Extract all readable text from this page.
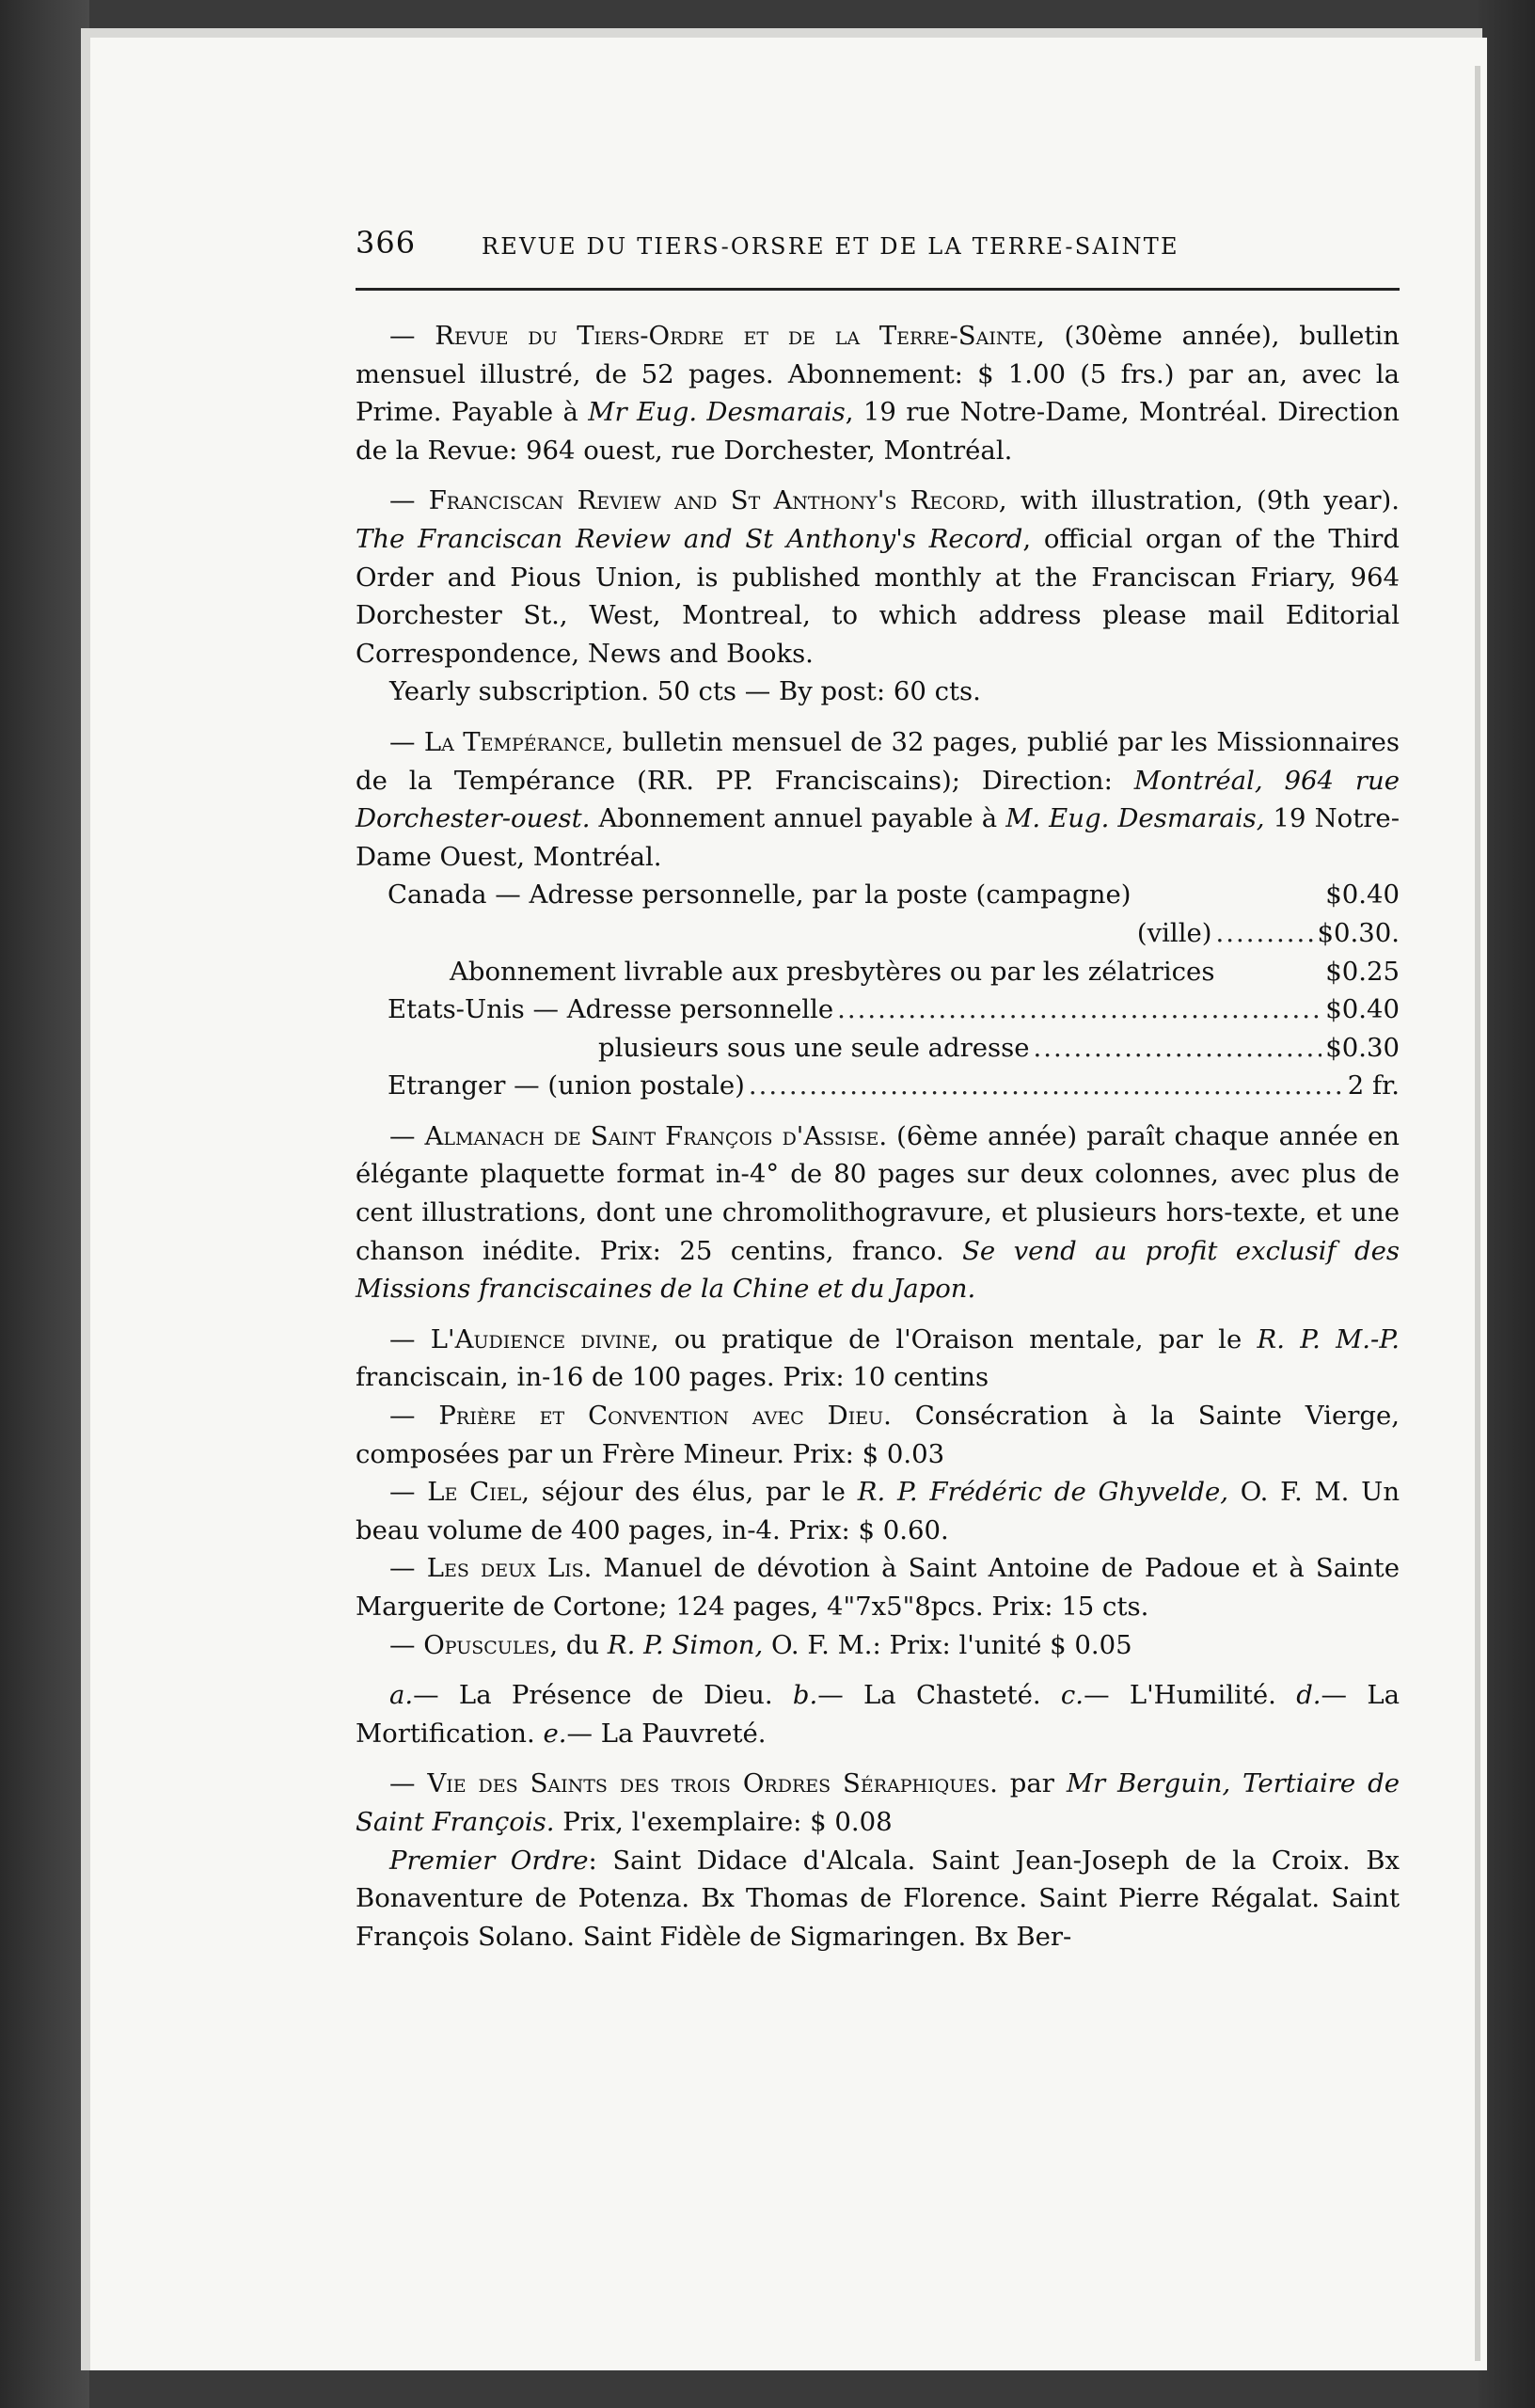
366	REVUE DU TIERS-ORSRE ET DE LA TERRE-SAINTE

— Revue du Tiers-Ordre et de la Terre-Sainte, (30ème année), bulletin mensuel illustré, de 52 pages. Abonnement: $ 1.00 (5 frs.) par an, avec la Prime. Payable à Mr Eug. Desmarais, 19 rue Notre-Dame, Montréal. Direction de la Revue: 964 ouest, rue Dorchester, Montréal.

— Franciscan Review and St Anthony's Record, with illustration, (9th year). The Franciscan Review and St Anthony's Record, official organ of the Third Order and Pious Union, is published monthly at the Franciscan Friary, 964 Dorchester St., West, Montreal, to which address please mail Editorial Correspondence, News and Books.

Yearly subscription. 50 cts — By post: 60 cts.

— La Tempérance, bulletin mensuel de 32 pages, publié par les Missionnaires de la Tempérance (RR. PP. Franciscains); Direction: Montréal, 964 rue Dorchester-ouest. Abonnement annuel payable à M. Eug. Desmarais, 19 Notre-Dame Ouest, Montréal.

Canada — Adresse personnelle, par la poste (campagne)	$0.40
(ville) .....	$0.30.
Abonnement livrable aux presbytères ou par les zélatrices	$0.25
Etats-Unis — Adresse personnelle .....	$0.40
plusieurs sous une seule adresse .....	$0.30
Etranger — (union postale) .....	2 fr.

— Almanach de Saint François d'Assise. (6ème année) paraît chaque année en élégante plaquette format in-4° de 80 pages sur deux colonnes, avec plus de cent illustrations, dont une chromolithogravure, et plusieurs hors-texte, et une chanson inédite. Prix: 25 centins, franco. Se vend au profit exclusif des Missions franciscaines de la Chine et du Japon.

— L'Audience divine, ou pratique de l'Oraison mentale, par le R. P. M.-P. franciscain, in-16 de 100 pages. Prix: 10 centins

— Prière et Convention avec Dieu. Consécration à la Sainte Vierge, composées par un Frère Mineur. Prix: $ 0.03

— Le Ciel, séjour des élus, par le R. P. Frédéric de Ghyvelde, O. F. M. Un beau volume de 400 pages, in-4. Prix: $ 0.60.

— Les deux Lis. Manuel de dévotion à Saint Antoine de Padoue et à Sainte Marguerite de Cortone; 124 pages, 4"7x5"8pcs. Prix: 15 cts.

— Opuscules, du R. P. Simon, O. F. M.: Prix: l'unité $ 0.05

a.— La Présence de Dieu. b.— La Chasteté. c.— L'Humilité. d.— La Mortification. e.— La Pauvreté.

— Vie des Saints des trois Ordres Séraphiques. par Mr Berguin, Tertiaire de Saint François. Prix, l'exemplaire: $ 0.08

Premier Ordre: Saint Didace d'Alcala. Saint Jean-Joseph de la Croix. Bx Bonaventure de Potenza. Bx Thomas de Florence. Saint Pierre Régalat. Saint François Solano. Saint Fidèle de Sigmaringen. Bx Ber-
